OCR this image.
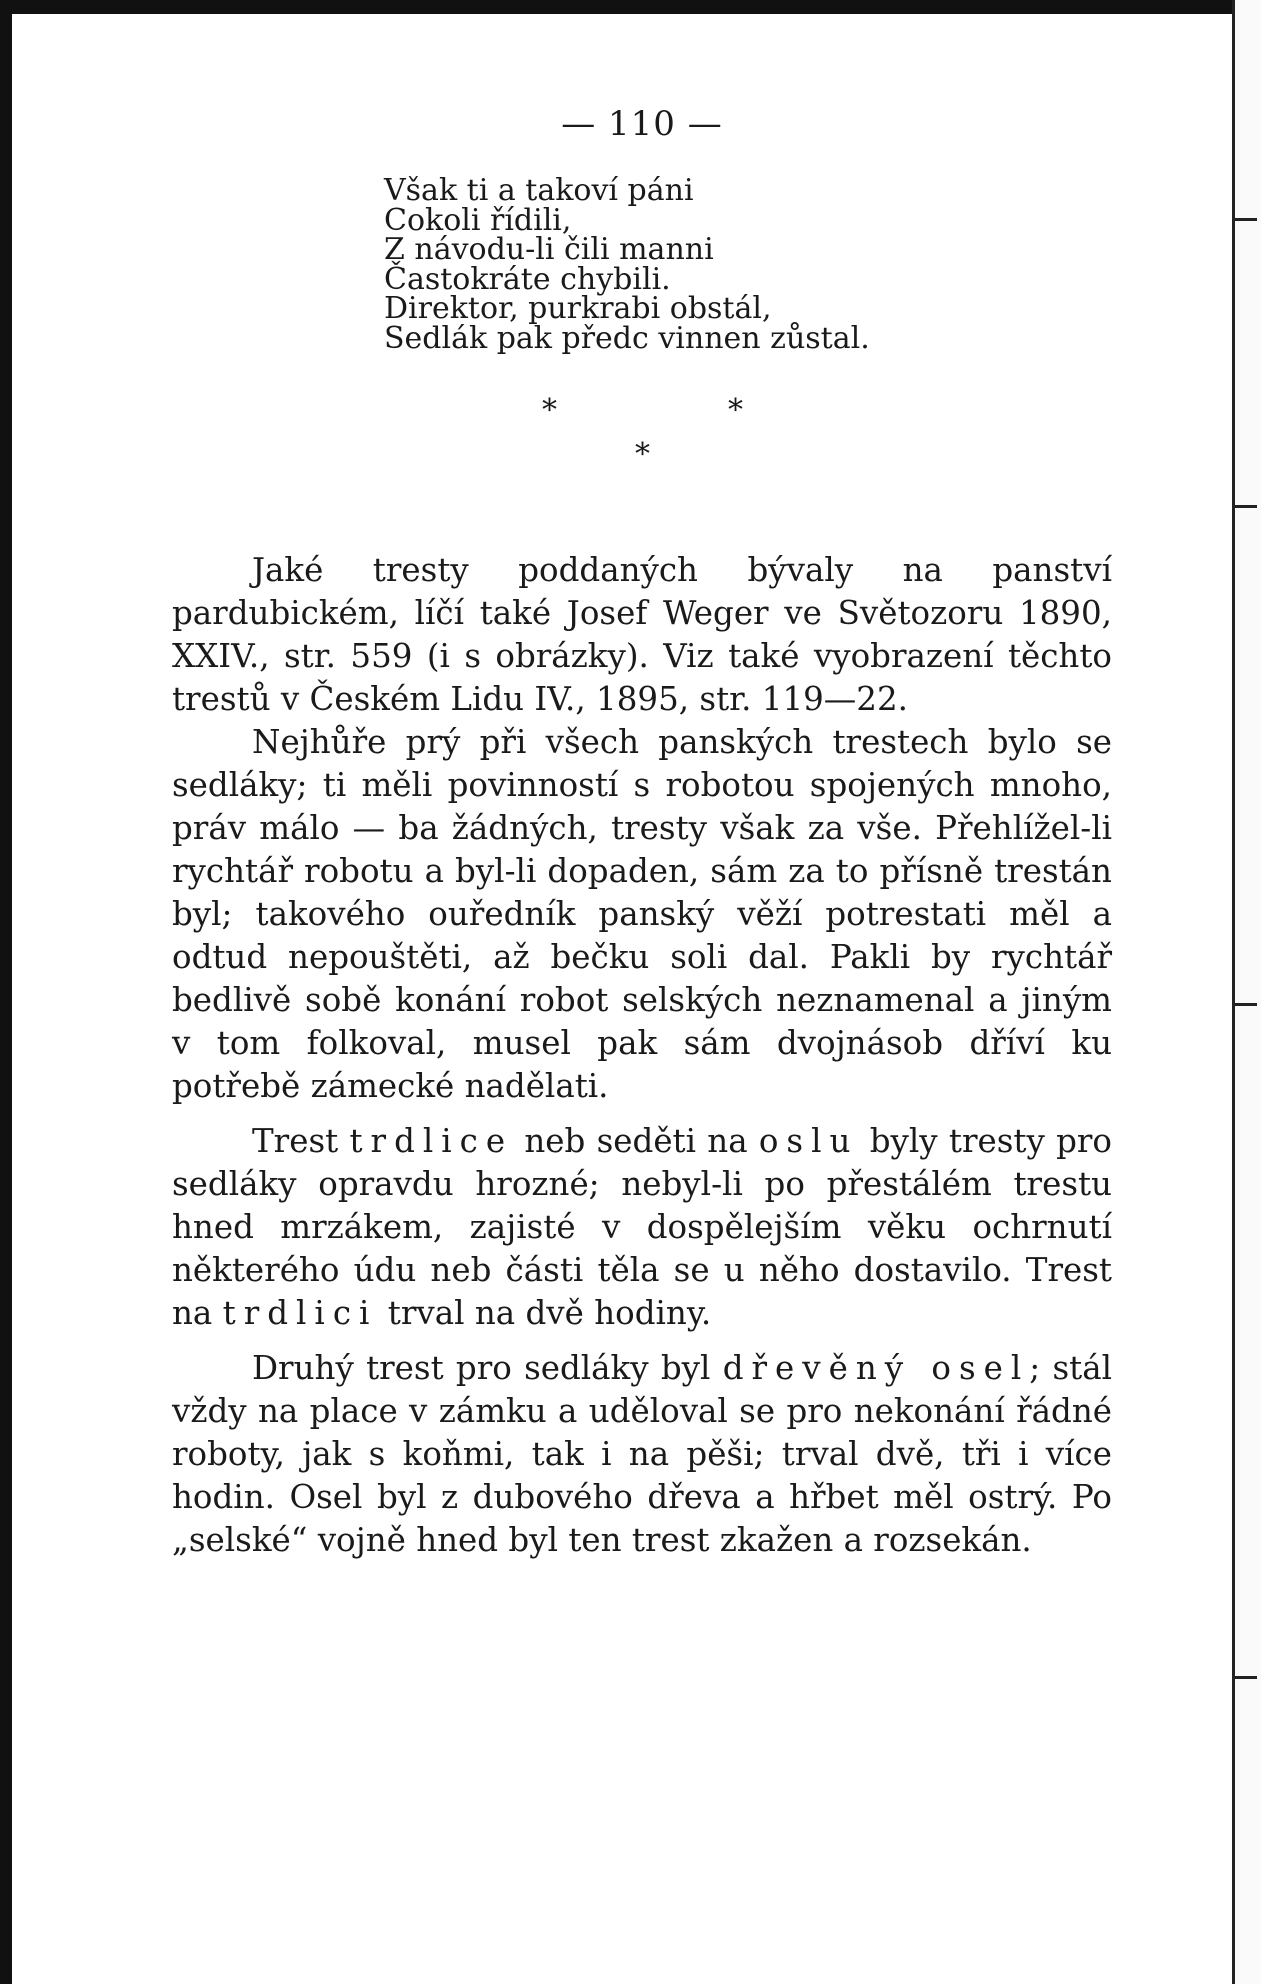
— 110 —
Však ti a takoví páni
Cokoli řídili,
Z návodu-li čili manni
Častokráte chybili.
Direktor, purkrabi obstál,
Sedlák pak předc vinnen zůstal.
*	*
*

Jaké tresty poddaných bývaly na panství pardubickém, líčí také Josef Weger ve Světozoru 1890, XXIV., str. 559 (i s obrázky). Viz také vyobrazení těchto trestů v Českém Lidu IV., 1895, str. 119—22.

Nejhůře prý při všech panských trestech bylo se sedláky; ti měli povinností s robotou spojených mnoho, práv málo — ba žádných, tresty však za vše. Přehlížel-li rychtář robotu a byl-li dopaden, sám za to přísně trestán byl; takového ouředník panský věží potrestati měl a odtud nepouštěti, až bečku soli dal. Pakli by rychtář bedlivě sobě konání robot selských neznamenal a jiným v tom folkoval, musel pak sám dvojnásob dříví ku potřebě zámecké nadělati.

Trest trdlice neb seděti na oslu byly tresty pro sedláky opravdu hrozné; nebyl-li po přestálém trestu hned mrzákem, zajisté v dospělejším věku ochrnutí některého údu neb části těla se u něho dostavilo. Trest na trdlici trval na dvě hodiny.

Druhý trest pro sedláky byl dřevěný osel; stál vždy na place v zámku a uděloval se pro nekonání řádné roboty, jak s koňmi, tak i na pěši; trval dvě, tři i více hodin. Osel byl z dubového dřeva a hřbet měl ostrý. Po „selské“ vojně hned byl ten trest zkažen a rozsekán.
